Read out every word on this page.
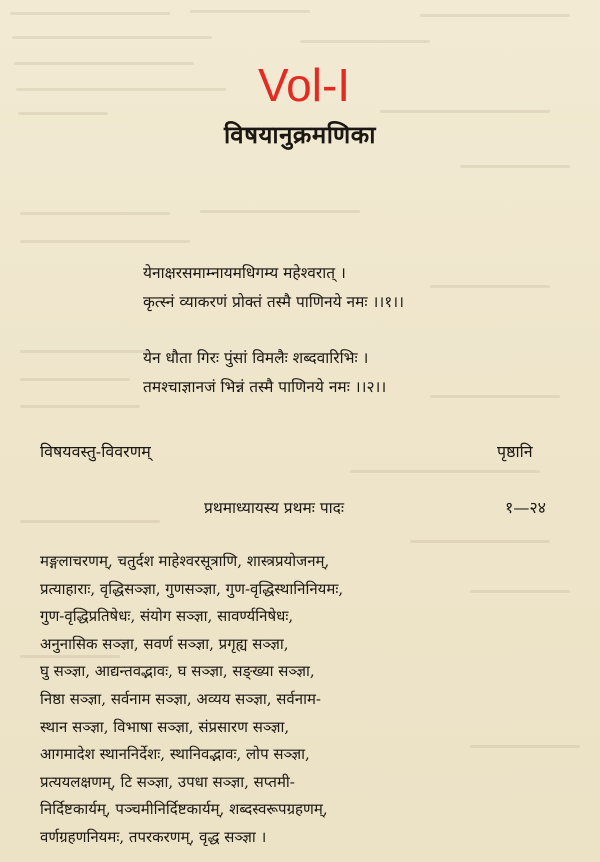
Vol-I
विषयानुक्रमणिका
येनाक्षरसमाम्नायमधिगम्य महेश्वरात् ।
कृत्स्नं व्याकरणं प्रोक्तं तस्मै पाणिनये नमः ।।१।।
येन धौता गिरः पुंसां विमलैः शब्दवारिभिः ।
तमश्चाज्ञानजं भिन्नं तस्मै पाणिनये नमः ।।२।।
विषयवस्तु-विवरणम्	पृष्ठानि
प्रथमाध्यायस्य प्रथमः पादः	१—२४
मङ्गलाचरणम्, चतुर्दश माहेश्वरसूत्राणि, शास्त्रप्रयोजनम्,
प्रत्याहाराः, वृद्धिसञ्ज्ञा, गुणसञ्ज्ञा, गुण-वृद्धिस्थानिनियमः,
गुण-वृद्धिप्रतिषेधः, संयोग सञ्ज्ञा, सावर्ण्यनिषेधः,
अनुनासिक सञ्ज्ञा, सवर्ण सञ्ज्ञा, प्रगृह्य सञ्ज्ञा,
घु सञ्ज्ञा, आद्यन्तवद्भावः, घ सञ्ज्ञा, सङ्ख्या सञ्ज्ञा,
निष्ठा सञ्ज्ञा, सर्वनाम सञ्ज्ञा, अव्यय सञ्ज्ञा, सर्वनाम-
स्थान सञ्ज्ञा, विभाषा सञ्ज्ञा, संप्रसारण सञ्ज्ञा,
आगमादेश स्थाननिर्देशः, स्थानिवद्भावः, लोप सञ्ज्ञा,
प्रत्ययलक्षणम्, टि सञ्ज्ञा, उपधा सञ्ज्ञा, सप्तमी-
निर्दिष्टकार्यम्, पञ्चमीनिर्दिष्टकार्यम्, शब्दस्वरूपग्रहणम्,
वर्णग्रहणनियमः, तपरकरणम्, वृद्ध सञ्ज्ञा ।
